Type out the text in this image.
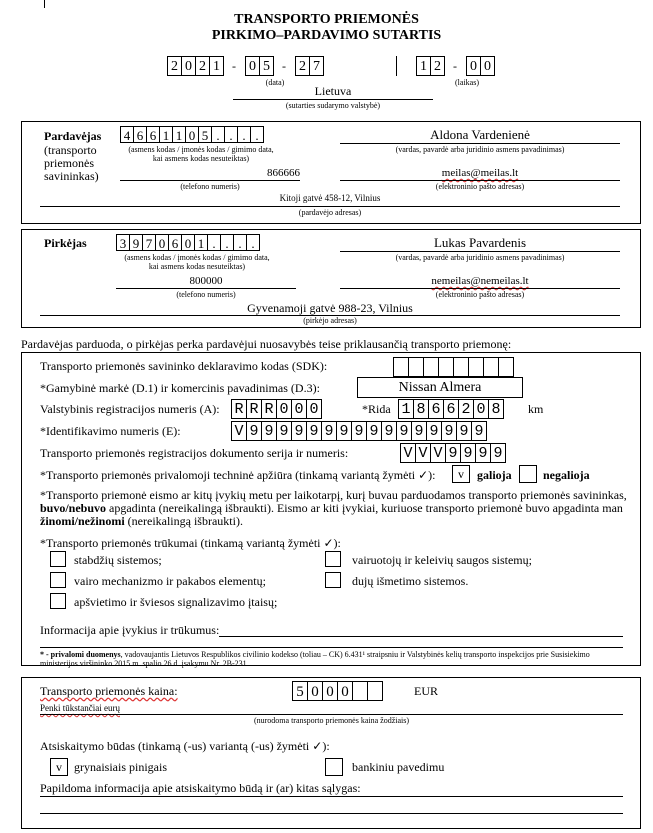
TRANSPORTO PRIEMONĖS
PIRKIMO–PARDAVIMO SUTARTIS
2 0 2 1	- 0 5	- 2 7	1 2	- 0 0
(data)	(laikas)
Lietuva
(sutarties sudarymo valstybė)
Pardavėjas
(transporto priemonės savininkas)
4 6 6 1 1 0 5 . . . .
(asmens kodas / įmonės kodas / gimimo data, kai asmens kodas nesuteiktas)
Aldona Vardenienė
(vardas, pavardė arba juridinio asmens pavadinimas)
866666
(telefono numeris)
meilas@meilas.lt
(elektroninio pašto adresas)
Kitoji gatvė 458-12, Vilnius
(pardavėjo adresas)
Pirkėjas	3 9 7 0 6 0 1 . . . .
(asmens kodas / įmonės kodas / gimimo data, kai asmens kodas nesuteiktas)
Lukas Pavardenis
(vardas, pavardė arba juridinio asmens pavadinimas)
800000
(telefono numeris)
nemeilas@nemeilas.lt
(elektroninio pašto adresas)
Gyvenamoji gatvė 988-23, Vilnius
(pirkėjo adresas)
Pardavėjas parduoda, o pirkėjas perka pardavėjui nuosavybės teise priklausančią transporto priemonę:
Transporto priemonės savininko deklaravimo kodas (SDK):
*Gamybinė markė (D.1) ir komercinis pavadinimas (D.3):	Nissan Almera
Valstybinis registracijos numeris (A): R R R 0 0 0	*Rida 1 8 6 6 2 0 8 km
*Identifikavimo numeris (E):	V 9 9 9 9 9 9 9 9 9 9 9 9 9 9 9 9
Transporto priemonės registracijos dokumento serija ir numeris:	V V V 9 9 9 9
*Transporto priemonės privalomoji techninė apžiūra (tinkamą variantą žymėti ✓):	v	galioja	negalioja
*Transporto priemonė eismo ar kitų įvykių metu per laikotarpį, kurį buvau parduodamos transporto priemonės savininkas,
buvo/nebuvo apgadinta (nereikalingą išbraukti). Eismo ar kiti įvykiai, kuriuose transporto priemonė buvo apgadinta man
žinomi/nežinomi (nereikalingą išbraukti).
*Transporto priemonės trūkumai (tinkamą variantą žymėti ✓):
stabdžių sistemos;	vairuotojų ir keleivių saugos sistemų;
vairo mechanizmo ir pakabos elementų;	dujų išmetimo sistemos.
apšvietimo ir šviesos signalizavimo įtaisų;
Informacija apie įvykius ir trūkumus:
* - privalomi duomenys, vadovaujantis Lietuvos Respublikos civilinio kodekso (toliau – CK) 6.431¹ straipsniu ir Valstybinės kelių transporto inspekcijos prie Susisiekimo ministerijos viršininko 2015 m. spalio 26 d. įsakymu Nr. 2B-231.
Transporto priemonės kaina:	5 0 0 0	EUR
Penki tūkstančiai eurų
(nurodoma transporto priemonės kaina žodžiais)
Atsiskaitymo būdas (tinkamą (-us) variantą (-us) žymėti ✓):
v	grynaisiais pinigais	bankiniu pavedimu
Papildoma informacija apie atsiskaitymo būdą ir (ar) kitas sąlygas:
